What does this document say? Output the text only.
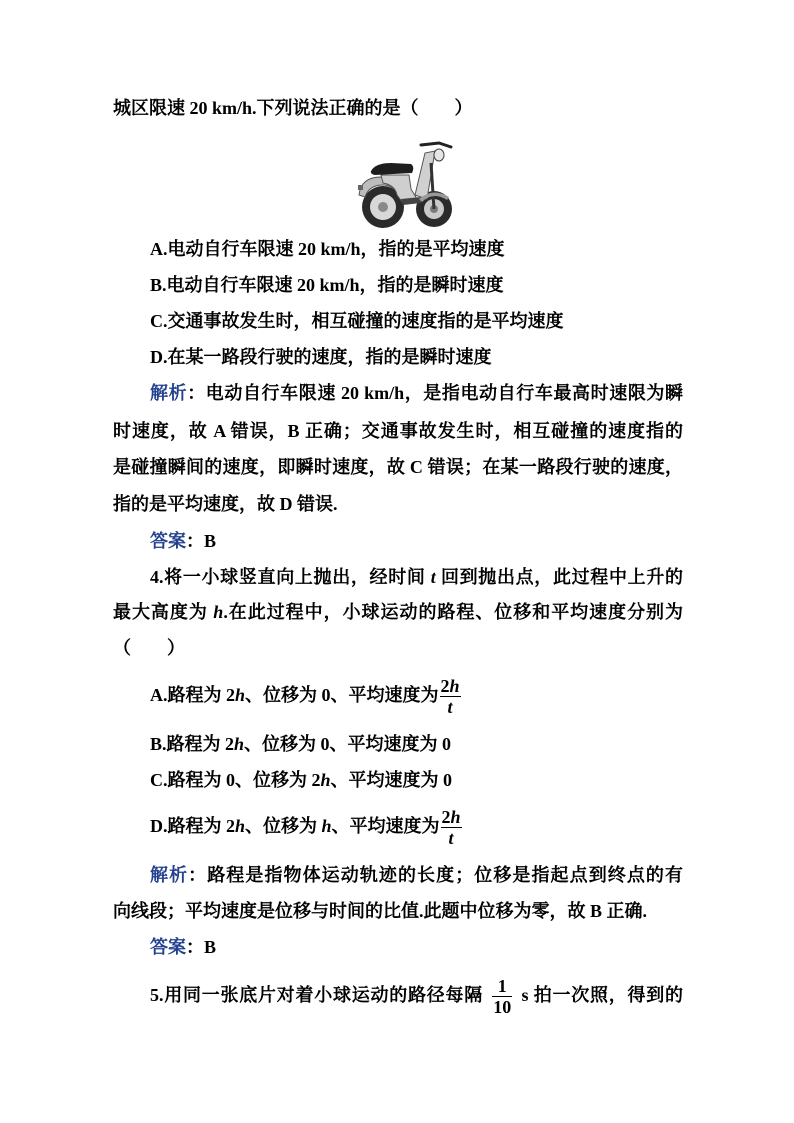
城区限速 20 km/h.下列说法正确的是（　　）
A.电动自行车限速 20 km/h，指的是平均速度
B.电动自行车限速 20 km/h，指的是瞬时速度
C.交通事故发生时，相互碰撞的速度指的是平均速度
D.在某一路段行驶的速度，指的是瞬时速度
解析：电动自行车限速 20 km/h，是指电动自行车最高时速限为瞬
时速度，故 A 错误，B 正确；交通事故发生时，相互碰撞的速度指的
是碰撞瞬间的速度，即瞬时速度，故 C 错误；在某一路段行驶的速度，
指的是平均速度，故 D 错误.
答案：B
4.将一小球竖直向上抛出，经时间 t 回到抛出点，此过程中上升的
最大高度为 h.在此过程中，小球运动的路程、位移和平均速度分别为
（　　）
A.路程为 2h、位移为 0、平均速度为 $\frac{2h}{t}$
B.路程为 2h、位移为 0、平均速度为 0
C.路程为 0、位移为 2h、平均速度为 0
D.路程为 2h、位移为 h、平均速度为 $\frac{2h}{t}$
解析：路程是指物体运动轨迹的长度；位移是指起点到终点的有
向线段；平均速度是位移与时间的比值.此题中位移为零，故 B 正确.
答案：B
5.用同一张底片对着小球运动的路径每隔 $\frac{1}{10}$ s 拍一次照，得到的
